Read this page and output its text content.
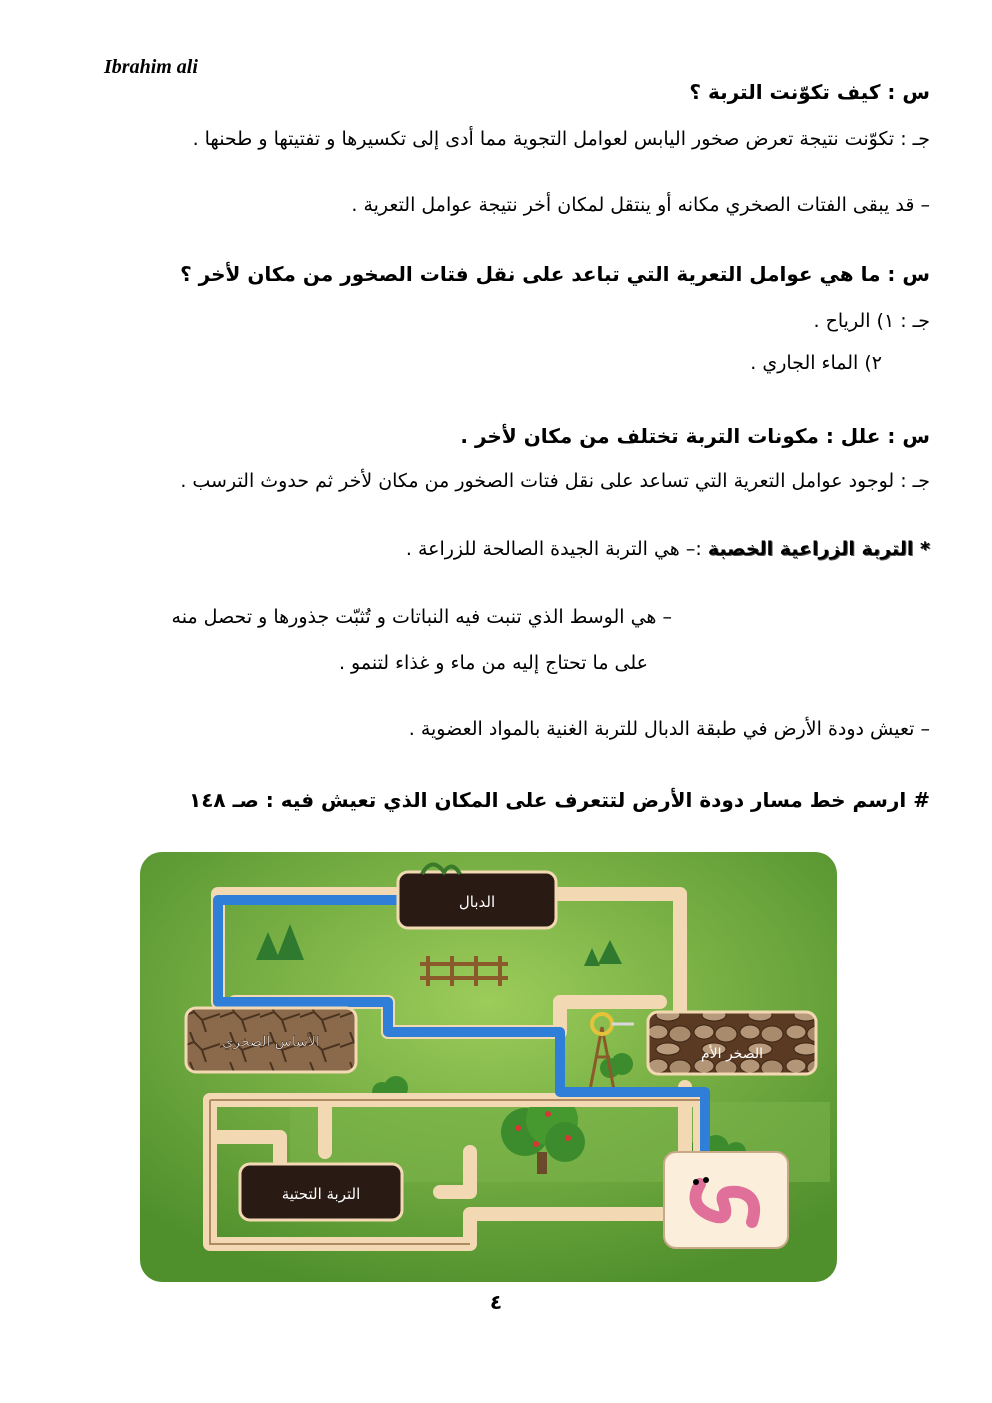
Ibrahim ali
س : كيف تكوّنت التربة ؟
جـ : تكوّنت نتيجة تعرض صخور اليابس لعوامل التجوية مما أدى إلى تكسيرها و تفتيتها و طحنها .
– قد يبقى الفتات الصخري مكانه أو ينتقل لمكان أخر نتيجة عوامل التعرية .
س : ما هي عوامل التعرية التي تباعد على نقل فتات الصخور من مكان لأخر ؟
جـ : ١) الرياح .
٢) الماء الجاري .
س : علل : مكونات التربة تختلف من مكان لأخر .
جـ : لوجود عوامل التعرية التي تساعد على نقل فتات الصخور من مكان لأخر ثم حدوث الترسب .
* التربة الزراعية الخصبة :– هي التربة الجيدة الصالحة للزراعة .
– هي الوسط الذي تنبت فيه النباتات و تُثبّت جذورها و تحصل منه
على ما تحتاج إليه من ماء و غذاء لتنمو .
– تعيش دودة الأرض في طبقة الدبال للتربة الغنية بالمواد العضوية .
# ارسم خط مسار دودة الأرض لتتعرف على المكان الذي تعيش فيه : صـ ١٤٨
الدبال
الأساس الصخري
الصخر الأم
التربة التحتية
٤
